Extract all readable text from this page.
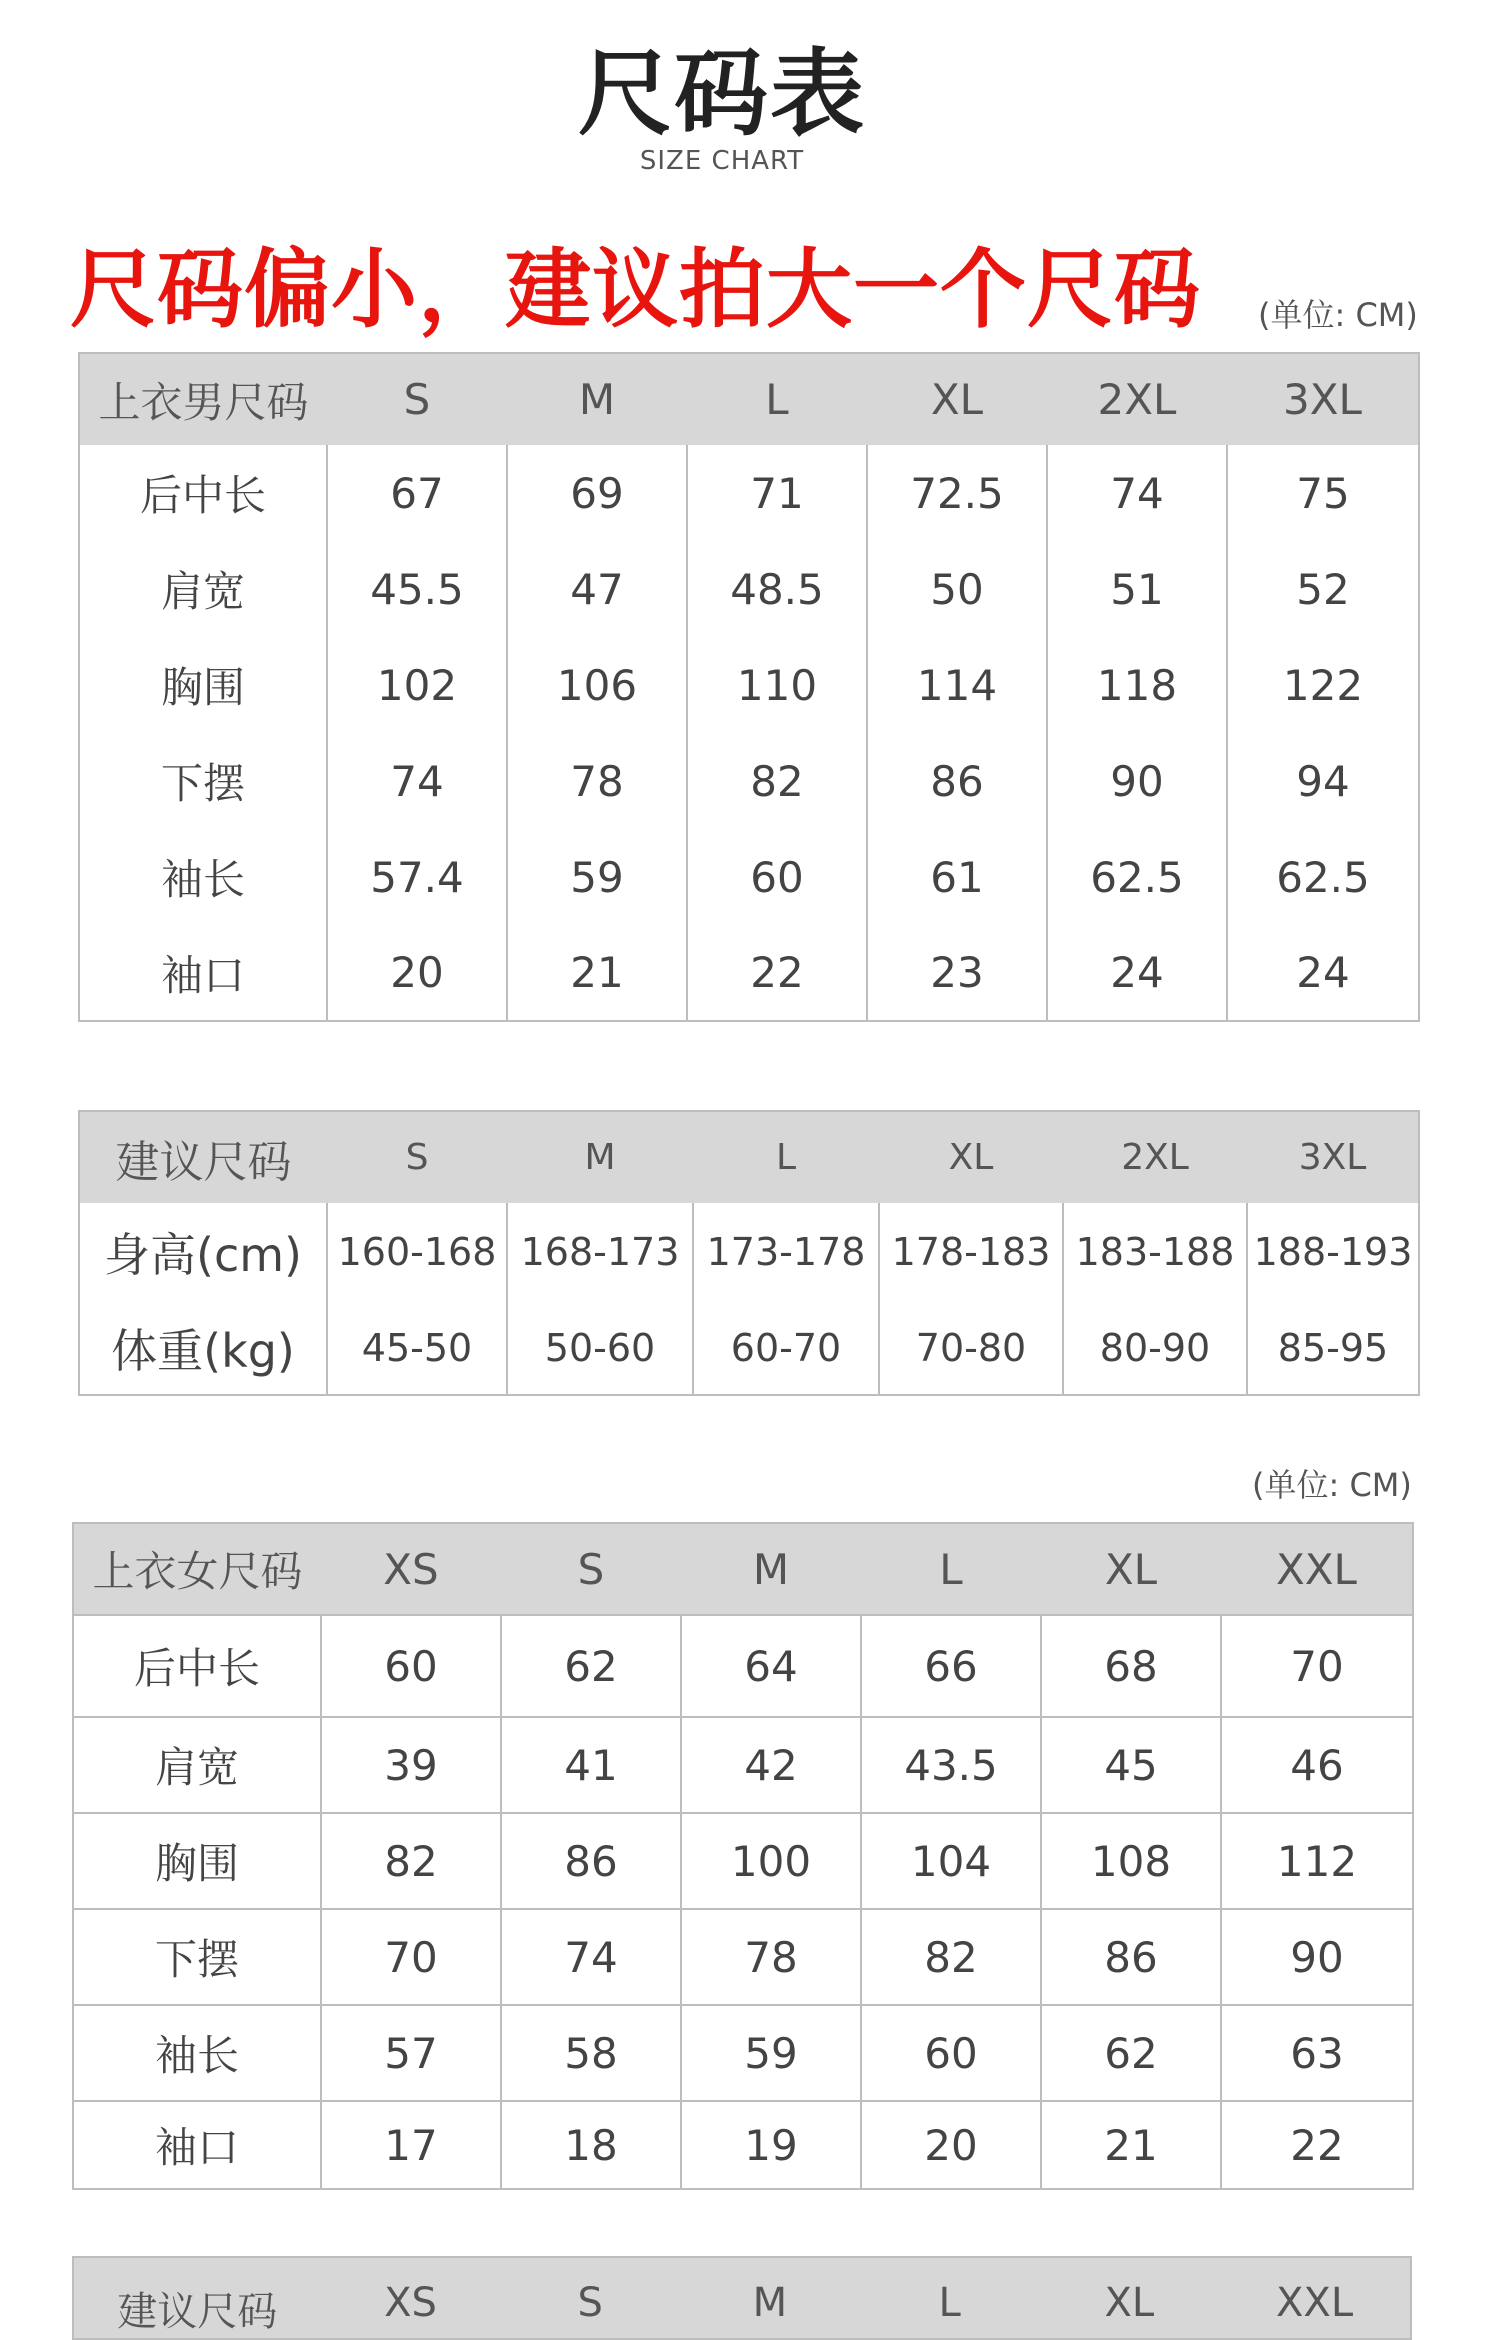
尺码表
SIZE CHART
尺码偏小，建议拍大一个尺码 (单位: CM)
上衣男尺码	S	M	L	XL	2XL	3XL
后中长	67	69	71	72.5	74	75
肩宽	45.5	47	48.5	50	51	52
胸围	102	106	110	114	118	122
下摆	74	78	82	86	90	94
袖长	57.4	59	60	61	62.5	62.5
袖口	20	21	22	23	24	24
建议尺码	S	M	L	XL	2XL	3XL
身高(cm)	160-168	168-173	173-178	178-183	183-188	188-193
体重(kg)	45-50	50-60	60-70	70-80	80-90	85-95
(单位: CM)
上衣女尺码	XS	S	M	L	XL	XXL
后中长	60	62	64	66	68	70
肩宽	39	41	42	43.5	45	46
胸围	82	86	100	104	108	112
下摆	70	74	78	82	86	90
袖长	57	58	59	60	62	63
袖口	17	18	19	20	21	22
建议尺码	XS	S	M	L	XL	XXL
